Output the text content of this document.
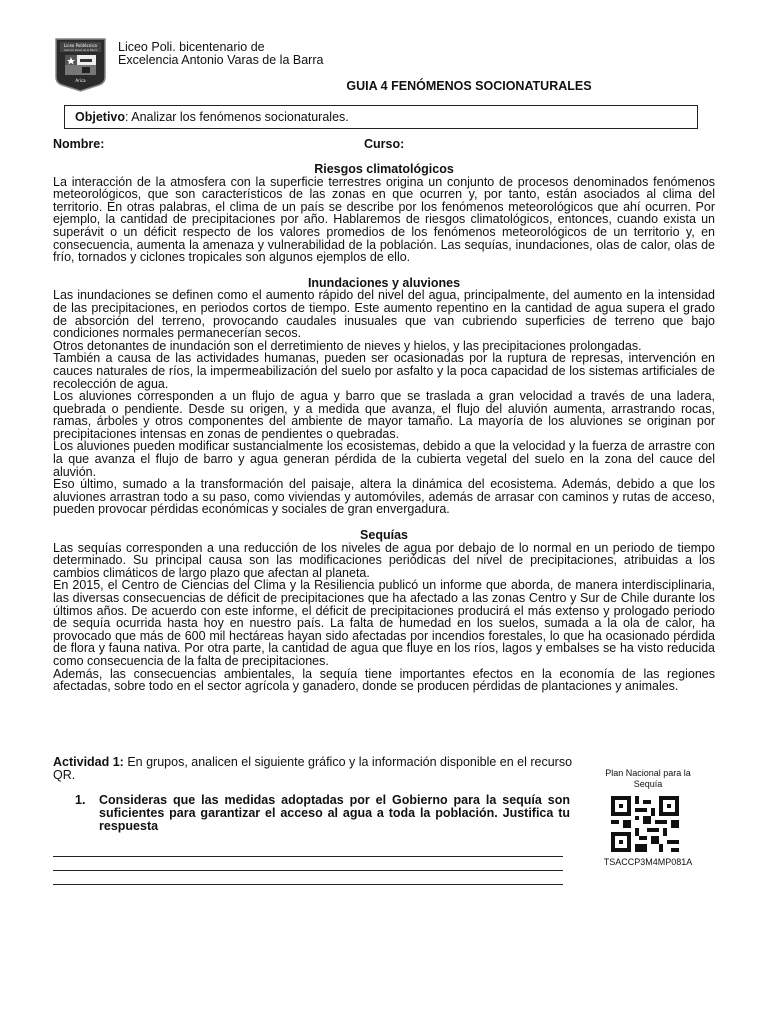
Liceo Politécnico
Antonio Varas de la Barra
Arica
Liceo Poli. bicentenario de
Excelencia Antonio Varas de la Barra
GUIA 4 FENÓMENOS SOCIONATURALES
Objetivo: Analizar los fenómenos socionaturales.
Nombre:	Curso:
Riesgos climatológicos

La interacción de la atmosfera con la superficie terrestres origina un conjunto de procesos denominados fenómenos meteorológicos, que son característicos de las zonas en que ocurren y, por tanto, están asociados al clima del territorio. En otras palabras, el clima de un país se describe por los fenómenos meteorológicos que ahí ocurren. Por ejemplo, la cantidad de precipitaciones por año. Hablaremos de riesgos climatológicos, entonces, cuando exista un superávit o un déficit respecto de los valores promedios de los fenómenos meteorológicos de un territorio y, en consecuencia, aumenta la amenaza y vulnerabilidad de la población. Las sequías, inundaciones, olas de calor, olas de frío, tornados y ciclones tropicales son algunos ejemplos de ello.

Inundaciones y aluviones

Las inundaciones se definen como el aumento rápido del nivel del agua, principalmente, del aumento en la intensidad de las precipitaciones, en periodos cortos de tiempo. Este aumento repentino en la cantidad de agua supera el grado de absorción del terreno, provocando caudales inusuales que van cubriendo superficies de terreno que bajo condiciones normales permanecerían secos.

Otros detonantes de inundación son el derretimiento de nieves y hielos, y las precipitaciones prolongadas.

También a causa de las actividades humanas, pueden ser ocasionadas por la ruptura de represas, intervención en cauces naturales de ríos, la impermeabilización del suelo por asfalto y la poca capacidad de los sistemas artificiales de recolección de agua.

Los aluviones corresponden a un flujo de agua y barro que se traslada a gran velocidad a través de una ladera, quebrada o pendiente. Desde su origen, y a medida que avanza, el flujo del aluvión aumenta, arrastrando rocas, ramas, árboles y otros componentes del ambiente de mayor tamaño. La mayoría de los aluviones se originan por precipitaciones intensas en zonas de pendientes o quebradas.

Los aluviones pueden modificar sustancialmente los ecosistemas, debido a que la velocidad y la fuerza de arrastre con la que avanza el flujo de barro y agua generan pérdida de la cubierta vegetal del suelo en la zona del cauce del aluvión.

Eso último, sumado a la transformación del paisaje, altera la dinámica del ecosistema. Además, debido a que los aluviones arrastran todo a su paso, como viviendas y automóviles, además de arrasar con caminos y rutas de acceso, pueden provocar pérdidas económicas y sociales de gran envergadura.

Sequías

Las sequías corresponden a una reducción de los niveles de agua por debajo de lo normal en un periodo de tiempo determinado. Su principal causa son las modificaciones periódicas del nivel de precipitaciones, atribuidas a los cambios climáticos de largo plazo que afectan al planeta.

En 2015, el Centro de Ciencias del Clima y la Resiliencia publicó un informe que aborda, de manera interdisciplinaria, las diversas consecuencias de déficit de precipitaciones que ha afectado a las zonas Centro y Sur de Chile durante los últimos años. De acuerdo con este informe, el déficit de precipitaciones producirá el más extenso y prologado periodo de sequía ocurrida hasta hoy en nuestro país. La falta de humedad en los suelos, sumada a la ola de calor, ha provocado que más de 600 mil hectáreas hayan sido afectadas por incendios forestales, lo que ha ocasionado pérdida de flora y fauna nativa. Por otra parte, la cantidad de agua que fluye en los ríos, lagos y embalses se ha visto reducida como consecuencia de la falta de precipitaciones.

Además, las consecuencias ambientales, la sequía tiene importantes efectos en la economía de las regiones afectadas, sobre todo en el sector agrícola y ganadero, donde se producen pérdidas de plantaciones y animales.

Actividad 1: En grupos, analicen el siguiente gráfico y la información disponible en el recurso QR.
1. Consideras que las medidas adoptadas por el Gobierno para la sequía son suficientes para garantizar el acceso al agua a toda la población. Justifica tu respuesta
Plan Nacional para la Sequía
TSACCP3M4MP081A
